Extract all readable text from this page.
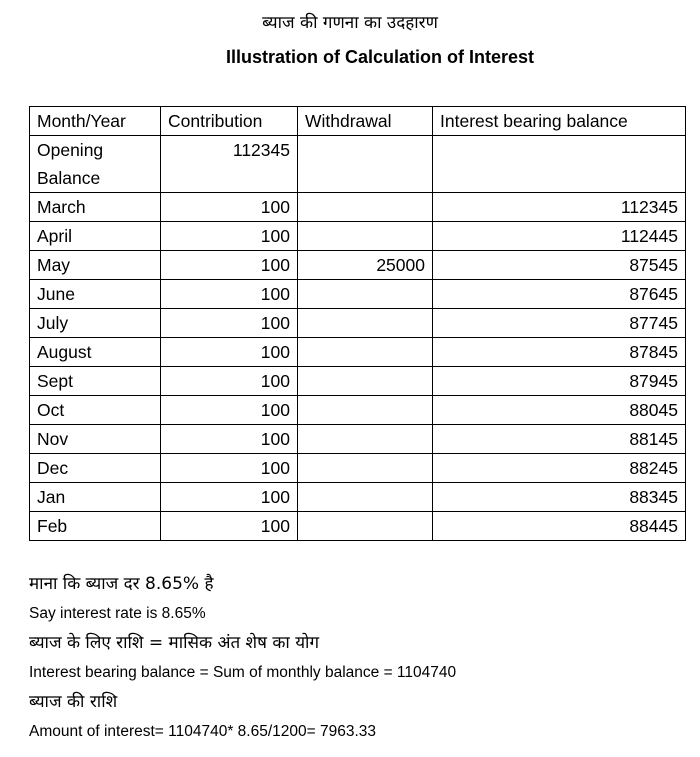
ब्याज की गणना का उदहारण
Illustration of Calculation of Interest
Month/Year	Contribution	Withdrawal	Interest bearing balance
Opening Balance	112345		
March	100		112345
April	100		112445
May	100	25000	87545
June	100		87645
July	100		87745
August	100		87845
Sept	100		87945
Oct	100		88045
Nov	100		88145
Dec	100		88245
Jan	100		88345
Feb	100		88445
माना कि ब्याज दर 8.65% है
Say interest rate is 8.65%
ब्याज के लिए राशि = मासिक अंत शेष का योग
Interest bearing balance = Sum of monthly balance = 1104740
ब्याज की राशि
Amount of interest= 1104740* 8.65/1200= 7963.33
